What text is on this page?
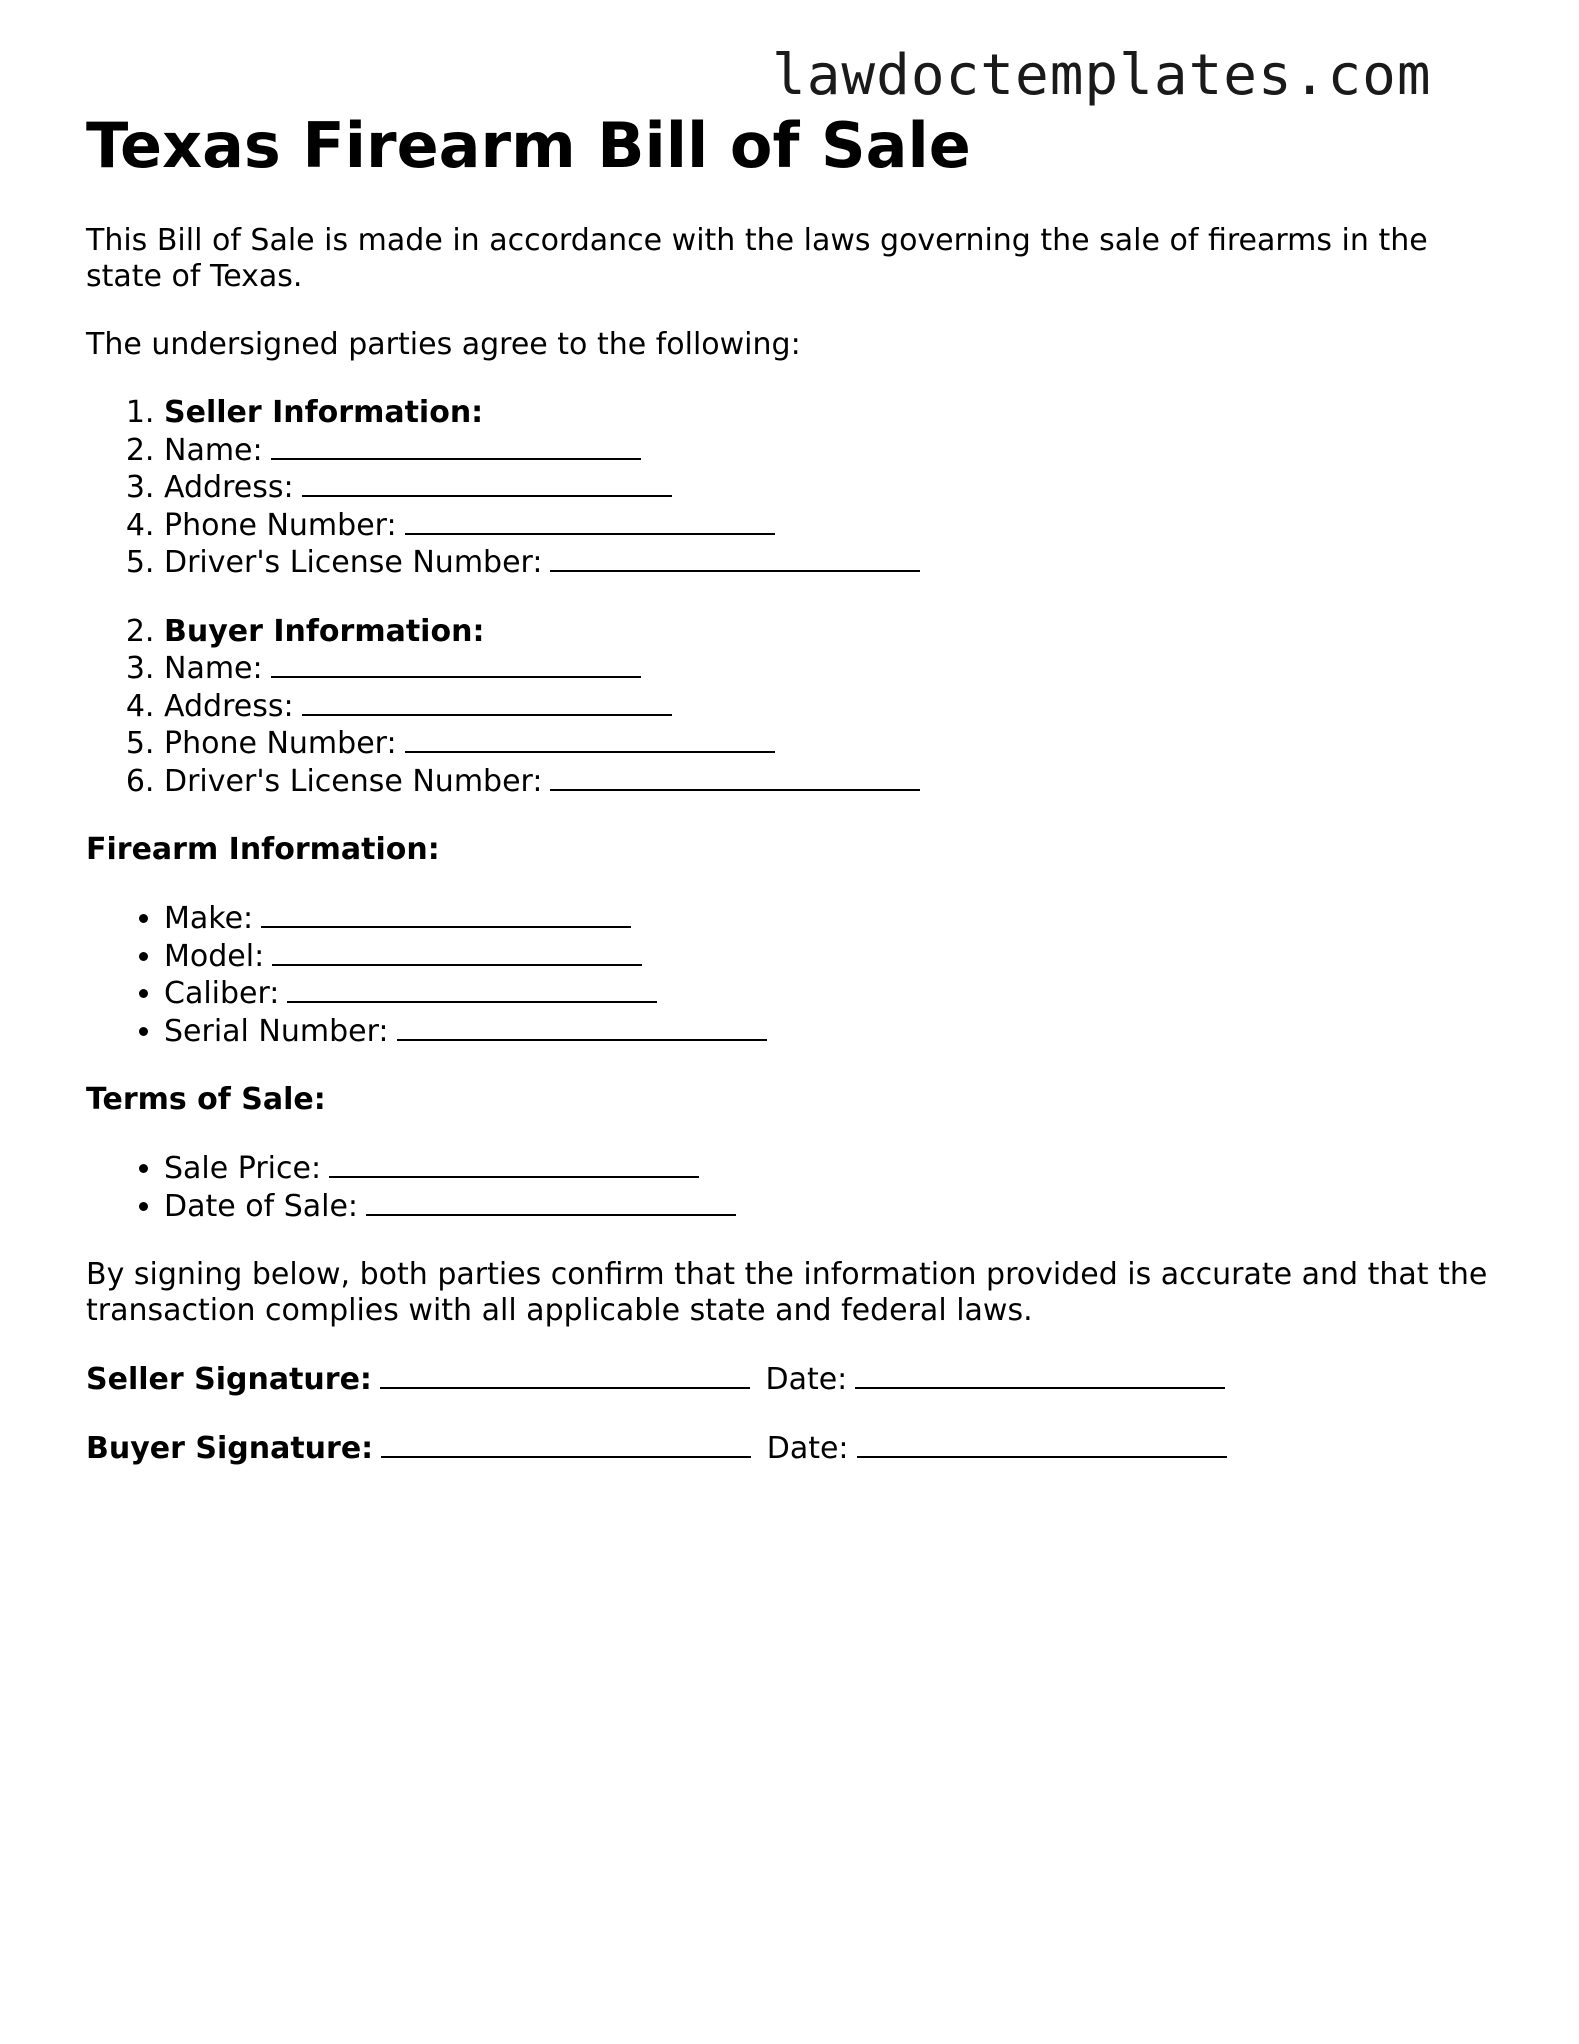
lawdoctemplates.com
Texas Firearm Bill of Sale

This Bill of Sale is made in accordance with the laws governing the sale of firearms in the state of Texas.

The undersigned parties agree to the following:

1. Seller Information:
2. Name:
3. Address:
4. Phone Number:
5. Driver's License Number:
2. Buyer Information:
3. Name:
4. Address:
5. Phone Number:
6. Driver's License Number:
Firearm Information:
• Make:
• Model:
• Caliber:
• Serial Number:
Terms of Sale:
• Sale Price:
• Date of Sale:

By signing below, both parties confirm that the information provided is accurate and that the transaction complies with all applicable state and federal laws.

Seller Signature:	Date:
Buyer Signature:	Date:
